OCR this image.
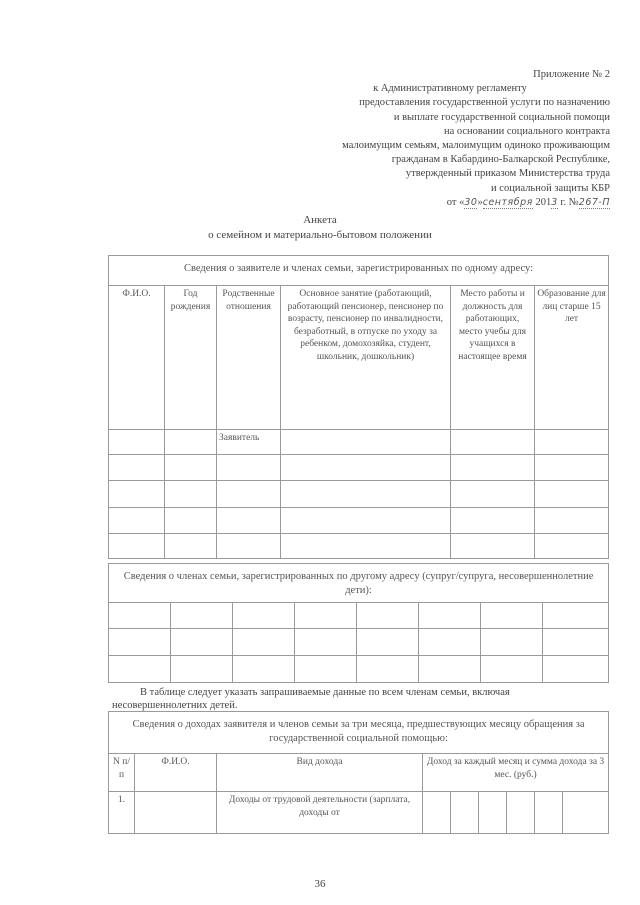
Приложение № 2
к Административному регламенту
предоставления государственной услуги по назначению
и выплате государственной социальной помощи
на основании социального контракта
малоимущим семьям, малоимущим одиноко проживающим
гражданам в Кабардино-Балкарской Республике,
утвержденный приказом Министерства труда
и социальной защиты КБР
от «30»сентября 2013 г. №267-П
Анкета
о семейном и материально-бытовом положении
Сведения о заявителе и членах семьи, зарегистрированных по одному адресу:					
Ф.И.О.	Год рождения	Родственные отношения	Основное занятие (работающий, работающий пенсионер, пенсионер по возрасту, пенсионер по инвалидности, безработный, в отпуске по уходу за ребенком, домохозяйка, студент, школьник, дошкольник)	Место работы и должность для работающих, место учебы для учащихся в настоящее время	Образование для лиц старше 15 лет
		Заявитель			

Сведения о членах семьи, зарегистрированных по другому адресу (супруг/супруга, несовершеннолетние дети):							

В таблице следует указать запрашиваемые данные по всем членам семьи, включая
несовершеннолетних детей.
Сведения о доходах заявителя и членов семьи за три месяца, предшествующих месяцу обращения за государственной социальной помощью:								
N п/п	Ф.И.О.	Вид дохода	Доход за каждый месяц и сумма дохода за 3 мес. (руб.)					
1.		Доходы от трудовой деятельности (зарплата, доходы от						
36
